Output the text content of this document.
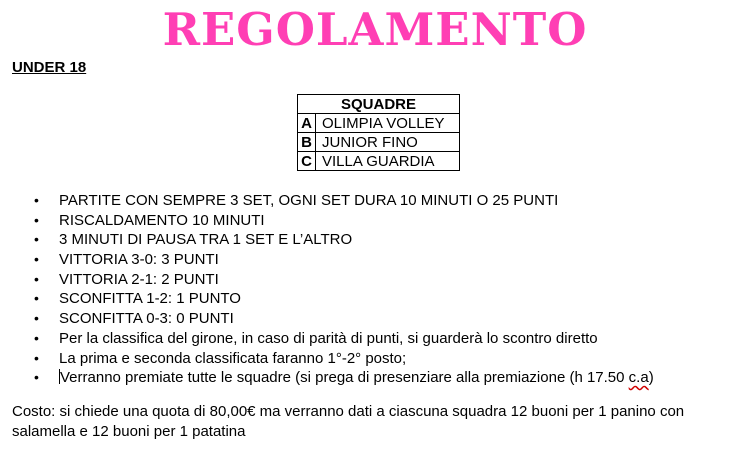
REGOLAMENTO
UNDER 18
SQUADRE	
A	OLIMPIA VOLLEY
B	JUNIOR FINO
C	VILLA GUARDIA
• PARTITE CON SEMPRE 3 SET, OGNI SET DURA 10 MINUTI O 25 PUNTI
• RISCALDAMENTO 10 MINUTI
• 3 MINUTI DI PAUSA TRA 1 SET E L’ALTRO
• VITTORIA 3-0: 3 PUNTI
• VITTORIA 2-1: 2 PUNTI
• SCONFITTA 1-2: 1 PUNTO
• SCONFITTA 0-3: 0 PUNTI
• Per la classifica del girone, in caso di parità di punti, si guarderà lo scontro diretto
• La prima e seconda classificata faranno 1°-2° posto;
• Verranno premiate tutte le squadre (si prega di presenziare alla premiazione (h 17.50 c.a)
Costo: si chiede una quota di 80,00€ ma verranno dati a ciascuna squadra 12 buoni per 1 panino con salamella e 12 buoni per 1 patatina
